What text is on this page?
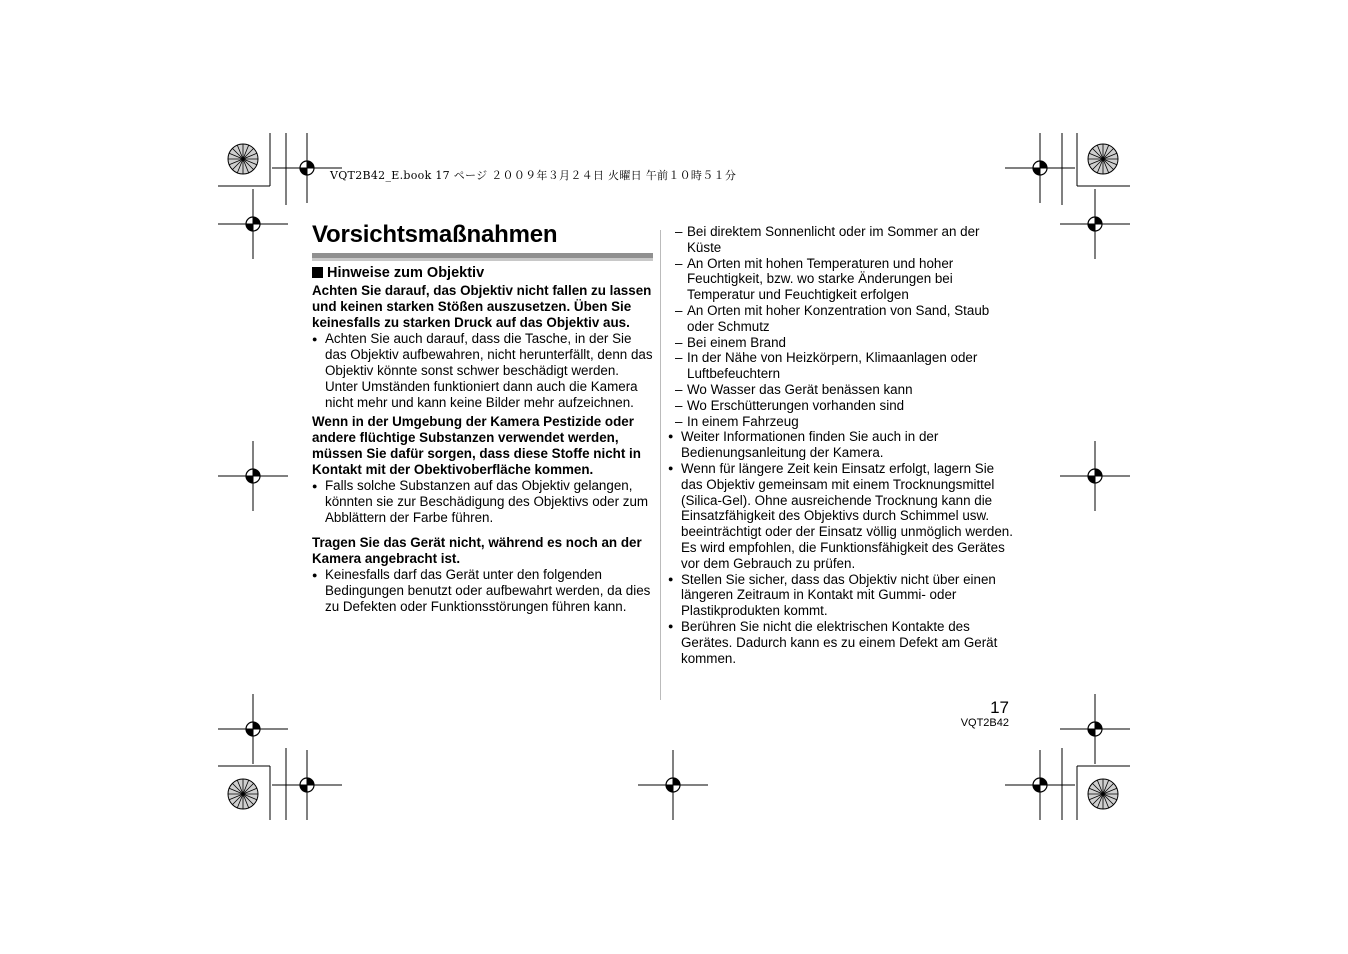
VQT2B42_E.book 17 ページ ２００９年３月２４日 火曜日 午前１０時５１分
Vorsichtsmaßnahmen

Hinweise zum Objektiv

Achten Sie darauf, das Objektiv nicht fallen zu lassen und keinen starken Stößen auszusetzen. Üben Sie keinesfalls zu starken Druck auf das Objektiv aus.

● Achten Sie auch darauf, dass die Tasche, in der Sie das Objektiv aufbewahren, nicht herunterfällt, denn das Objektiv könnte sonst schwer beschädigt werden. Unter Umständen funktioniert dann auch die Kamera nicht mehr und kann keine Bilder mehr aufzeichnen.

Wenn in der Umgebung der Kamera Pestizide oder andere flüchtige Substanzen verwendet werden, müssen Sie dafür sorgen, dass diese Stoffe nicht in Kontakt mit der Obektivoberfläche kommen.

● Falls solche Substanzen auf das Objektiv gelangen, könnten sie zur Beschädigung des Objektivs oder zum Abblättern der Farbe führen.

Tragen Sie das Gerät nicht, während es noch an der Kamera angebracht ist.

● Keinesfalls darf das Gerät unter den folgenden Bedingungen benutzt oder aufbewahrt werden, da dies zu Defekten oder Funktionsstörungen führen kann.

– Bei direktem Sonnenlicht oder im Sommer an der Küste

– An Orten mit hohen Temperaturen und hoher Feuchtigkeit, bzw. wo starke Änderungen bei Temperatur und Feuchtigkeit erfolgen

– An Orten mit hoher Konzentration von Sand, Staub oder Schmutz

– Bei einem Brand

– In der Nähe von Heizkörpern, Klimaanlagen oder Luftbefeuchtern

– Wo Wasser das Gerät benässen kann

– Wo Erschütterungen vorhanden sind

– In einem Fahrzeug

● Weiter Informationen finden Sie auch in der Bedienungsanleitung der Kamera.

● Wenn für längere Zeit kein Einsatz erfolgt, lagern Sie das Objektiv gemeinsam mit einem Trocknungsmittel (Silica-Gel). Ohne ausreichende Trocknung kann die Einsatzfähigkeit des Objektivs durch Schimmel usw. beeinträchtigt oder der Einsatz völlig unmöglich werden. Es wird empfohlen, die Funktionsfähigkeit des Gerätes vor dem Gebrauch zu prüfen.

● Stellen Sie sicher, dass das Objektiv nicht über einen längeren Zeitraum in Kontakt mit Gummi- oder Plastikprodukten kommt.

● Berühren Sie nicht die elektrischen Kontakte des Gerätes. Dadurch kann es zu einem Defekt am Gerät kommen.

17
VQT2B42
